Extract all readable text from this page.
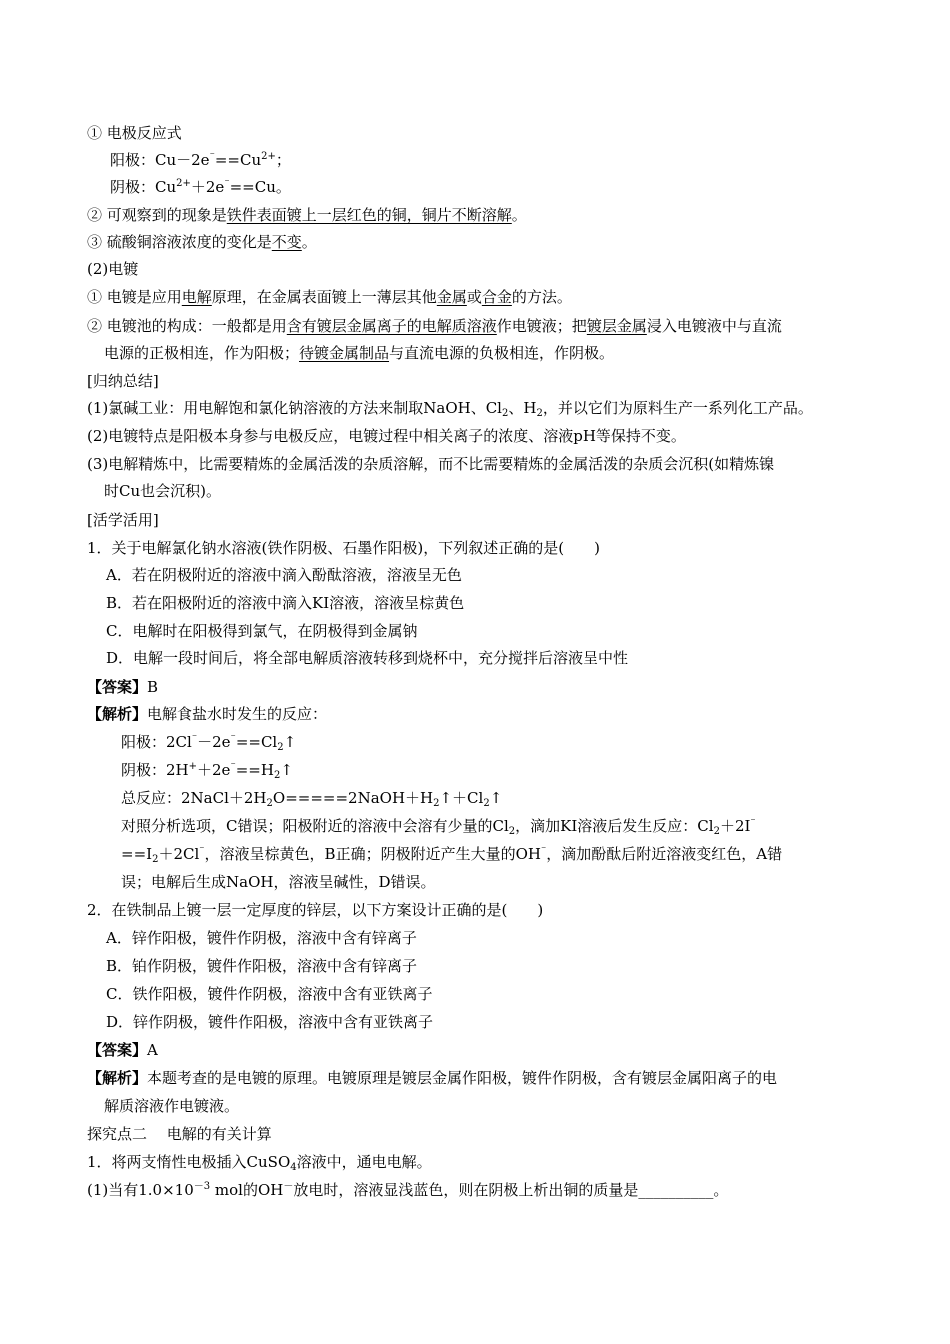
① 电极反应式
阳极：$Cu-2e^{^-}==Cu^{2+}$；
阴极：$Cu^{2+}+2e^{^-}==Cu$。
② 可观察到的现象是铁件表面镀上一层红色的铜，铜片不断溶解。
③ 硫酸铜溶液浓度的变化是不变。
(2)电镀
① 电镀是应用电解原理，在金属表面镀上一薄层其他金属或合金的方法。
② 电镀池的构成：一般都是用含有镀层金属离子的电解质溶液作电镀液；把镀层金属浸入电镀液中与直流
电源的正极相连，作为阳极；待镀金属制品与直流电源的负极相连，作阴极。
[归纳总结]
(1)氯碱工业：用电解饱和氯化钠溶液的方法来制取NaOH、$Cl_2$、$H_2$，并以它们为原料生产一系列化工产品。
(2)电镀特点是阳极本身参与电极反应，电镀过程中相关离子的浓度、溶液pH等保持不变。
(3)电解精炼中，比需要精炼的金属活泼的杂质溶解，而不比需要精炼的金属活泼的杂质会沉积(如精炼镍
时Cu也会沉积)。
[活学活用]
1．关于电解氯化钠水溶液(铁作阴极、石墨作阳极)，下列叙述正确的是(　　)
A．若在阴极附近的溶液中滴入酚酞溶液，溶液呈无色
B．若在阳极附近的溶液中滴入KI溶液，溶液呈棕黄色
C．电解时在阳极得到氯气，在阴极得到金属钠
D．电解一段时间后，将全部电解质溶液转移到烧杯中，充分搅拌后溶液呈中性
【答案】B
【解析】电解食盐水时发生的反应：
阳极：$2Cl^{^-}-2e^{^-}==Cl_2↑$
阴极：$2H^++2e^{^-}==H_2↑$
总反应：$2NaCl+2H_2O=====2NaOH+H_2↑+Cl_2↑$
对照分析选项，C错误；阳极附近的溶液中会溶有少量的$Cl_2$，滴加KI溶液后发生反应：$Cl_2+2I^{^-}$
$==I_2+2Cl^{^-}$，溶液呈棕黄色，B正确；阴极附近产生大量的OH⁻，滴加酚酞后附近溶液变红色，A错
误；电解后生成NaOH，溶液呈碱性，D错误。
2．在铁制品上镀一层一定厚度的锌层，以下方案设计正确的是(　　)
A．锌作阳极，镀件作阴极，溶液中含有锌离子
B．铂作阴极，镀件作阳极，溶液中含有锌离子
C．铁作阳极，镀件作阴极，溶液中含有亚铁离子
D．锌作阴极，镀件作阳极，溶液中含有亚铁离子
【答案】A
【解析】本题考查的是电镀的原理。电镀原理是镀层金属作阳极，镀件作阴极，含有镀层金属阳离子的电
解质溶液作电镀液。
探究点二　 电解的有关计算
1．将两支惰性电极插入CuSO$_4$溶液中，通电电解。
(1)当有$1.0\times 10^{-3}$ mol的OH－放电时，溶液显浅蓝色，则在阴极上析出铜的质量是__________。
